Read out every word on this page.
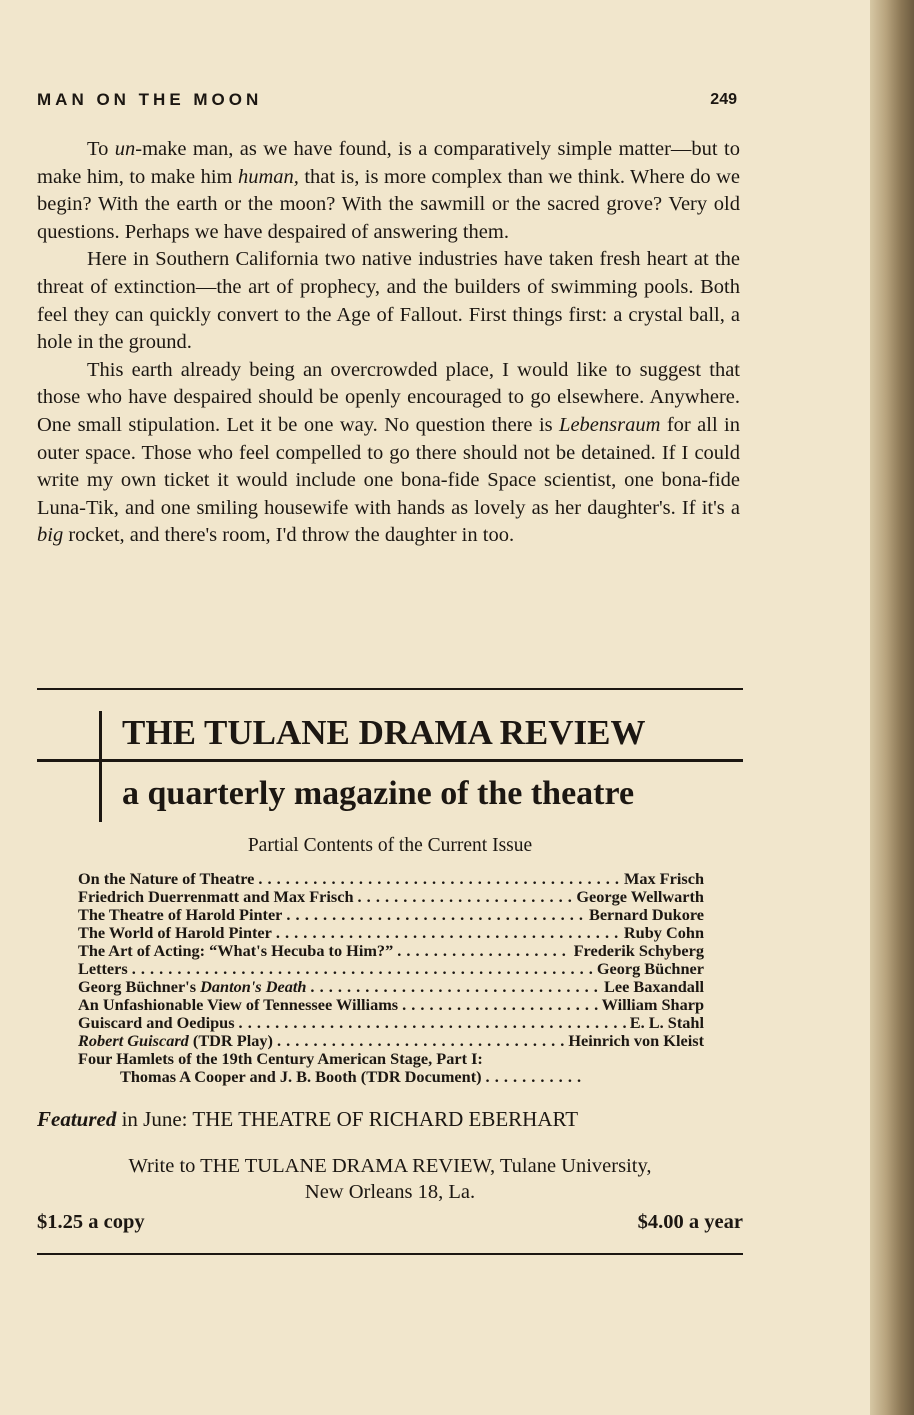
MAN ON THE MOON	249

To un-make man, as we have found, is a comparatively simple matter—but to make him, to make him human, that is, is more complex than we think. Where do we begin? With the earth or the moon? With the sawmill or the sacred grove? Very old questions. Perhaps we have despaired of answering them.

Here in Southern California two native industries have taken fresh heart at the threat of extinction—the art of prophecy, and the builders of swimming pools. Both feel they can quickly convert to the Age of Fallout. First things first: a crystal ball, a hole in the ground.

This earth already being an overcrowded place, I would like to suggest that those who have despaired should be openly encouraged to go elsewhere. Anywhere. One small stipulation. Let it be one way. No question there is Lebensraum for all in outer space. Those who feel compelled to go there should not be detained. If I could write my own ticket it would include one bona-fide Space scientist, one bona-fide Luna-Tik, and one smiling housewife with hands as lovely as her daughter's. If it's a big rocket, and there's room, I'd throw the daughter in too.

THE TULANE DRAMA REVIEW
a quarterly magazine of the theatre
Partial Contents of the Current Issue
On the Nature of Theatre . . .	Max Frisch
Friedrich Duerrenmatt and Max Frisch . . .	George Wellwarth
The Theatre of Harold Pinter . . .	Bernard Dukore
The World of Harold Pinter . . .	Ruby Cohn
The Art of Acting: “What's Hecuba to Him?” . . .	Frederik Schyberg
Letters . . .	Georg Büchner
Georg Büchner's Danton's Death . . .	Lee Baxandall
An Unfashionable View of Tennessee Williams . . .	William Sharp
Guiscard and Oedipus . . .	E. L. Stahl
Robert Guiscard (TDR Play) . . .	Heinrich von Kleist
Four Hamlets of the 19th Century American Stage, Part I:
Thomas A Cooper and J. B. Booth (TDR Document)
. . .
Featured in June: THE THEATRE OF RICHARD EBERHART
Write to THE TULANE DRAMA REVIEW, Tulane University,
New Orleans 18, La.
$1.25 a copy	$4.00 a year
